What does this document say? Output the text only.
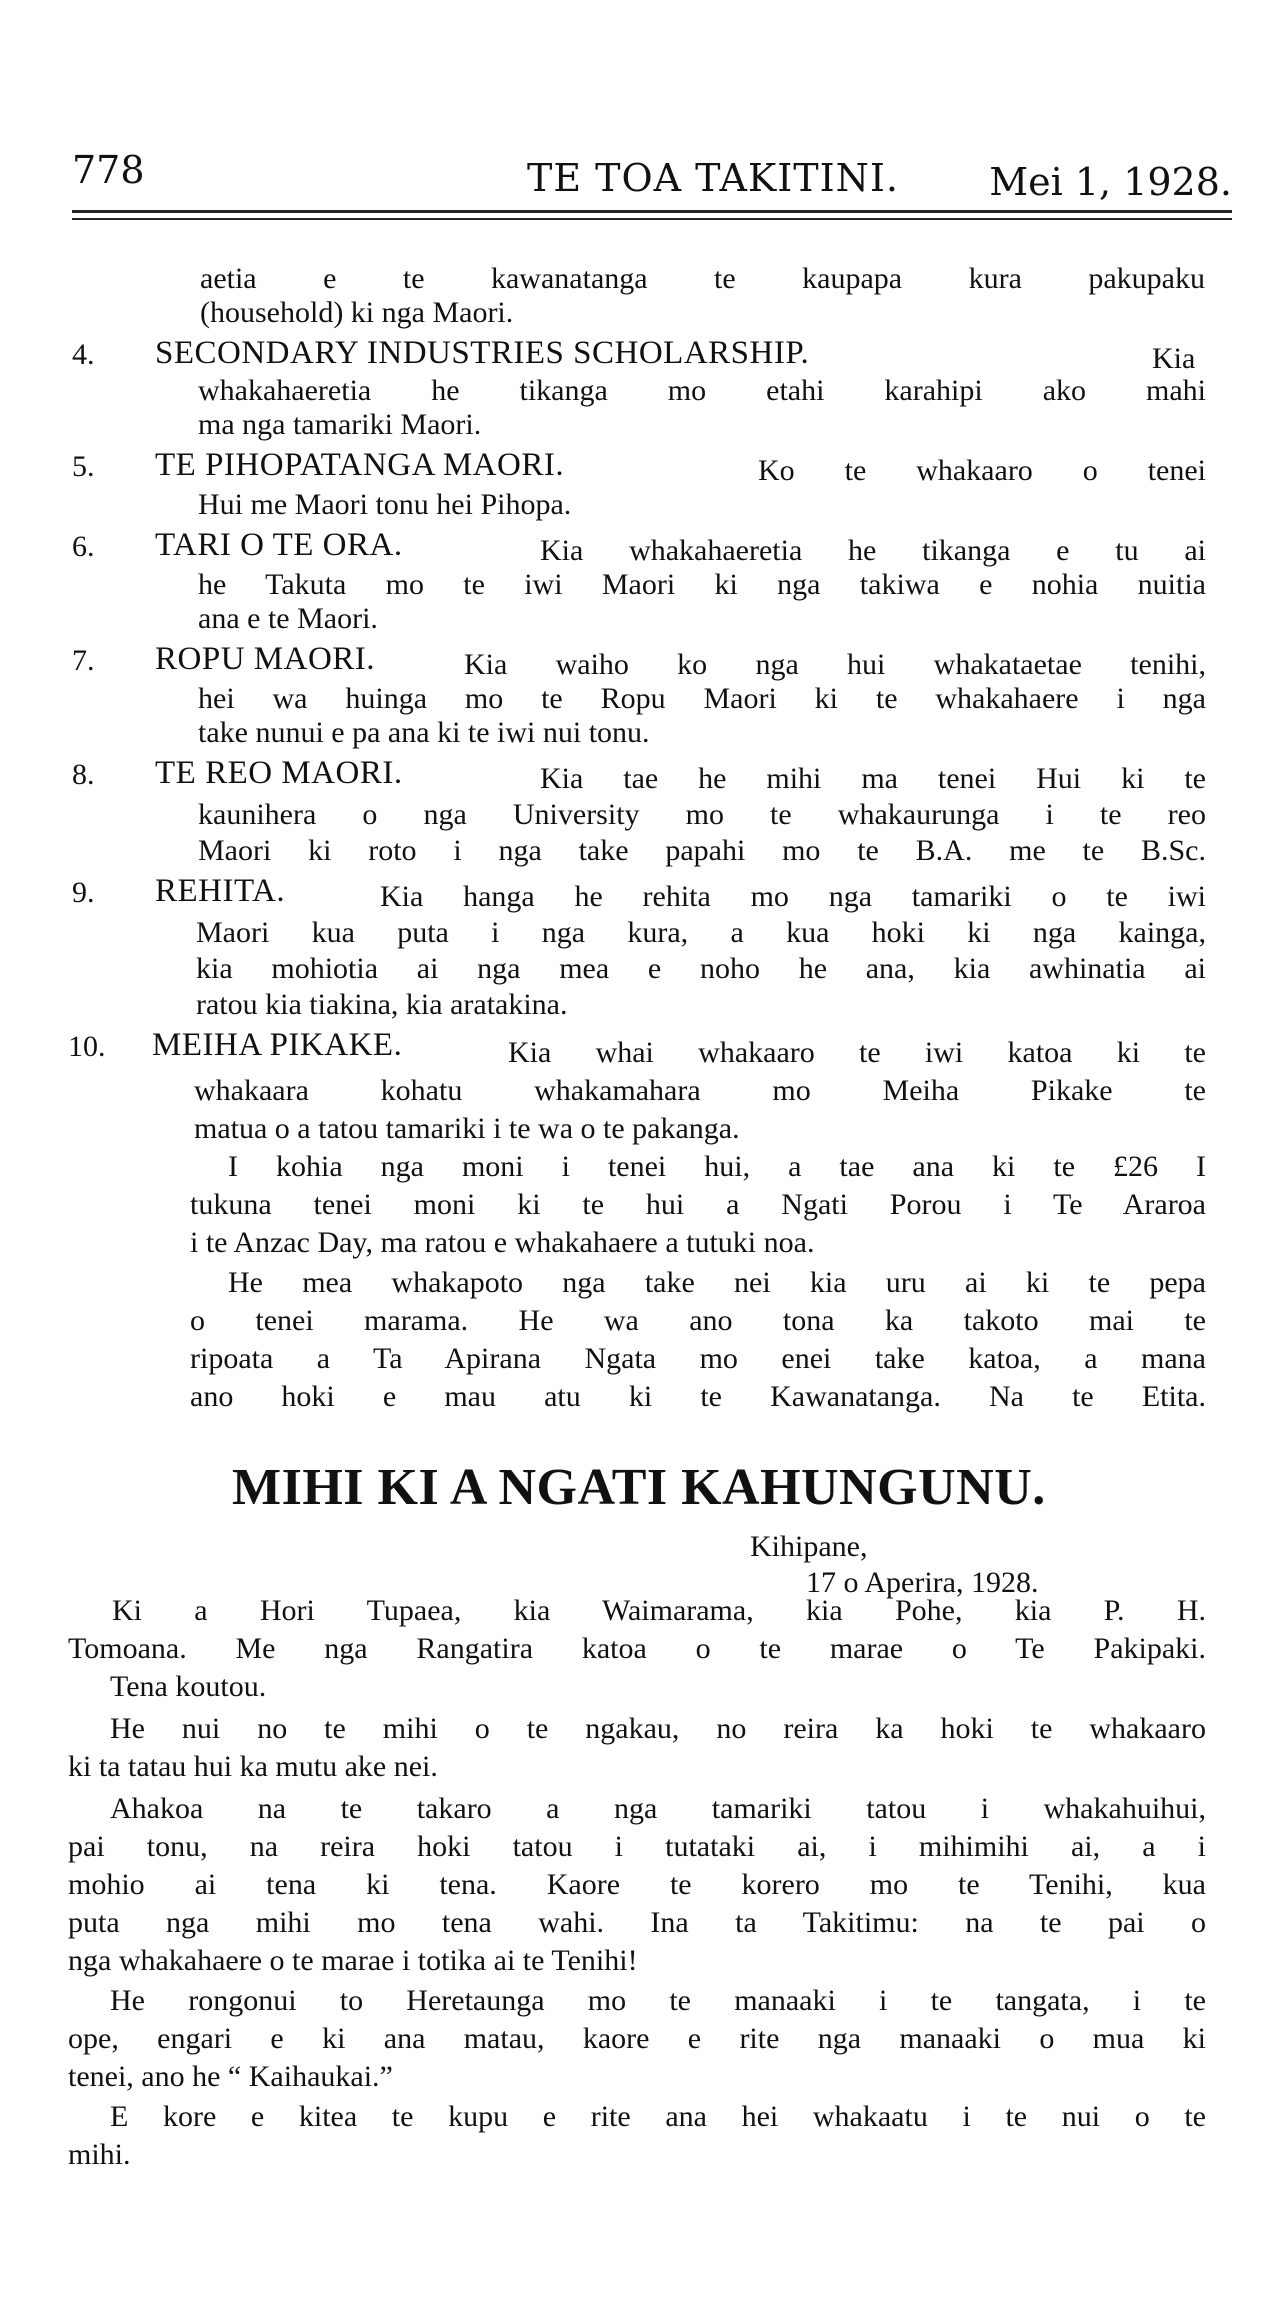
778	TE TOA TAKITINI. Mei 1, 1928.
aetia e te kawanatanga te kaupapa kura pakupaku
(household) ki nga Maori.
4. SECONDARY INDUSTRIES SCHOLARSHIP.	Kia
whakahaeretia he tikanga mo etahi karahipi ako mahi
ma nga tamariki Maori.
5. TE PIHOPATANGA MAORI.	Ko te whakaaro o tenei
Hui me Maori tonu hei Pihopa.
6. TARI O TE ORA.	Kia whakahaeretia he tikanga e tu ai
he Takuta mo te iwi Maori ki nga takiwa e nohia nuitia
ana e te Maori.
7. ROPU MAORI.	Kia waiho ko nga hui whakataetae tenihi,
hei wa huinga mo te Ropu Maori ki te whakahaere i nga
take nunui e pa ana ki te iwi nui tonu.
8. TE REO MAORI.	Kia tae he mihi ma tenei Hui ki te
kaunihera o nga University mo te whakaurunga i te reo
Maori ki roto i nga take papahi mo te B.A. me te B.Sc.
9. REHITA.	Kia hanga he rehita mo nga tamariki o te iwi
Maori kua puta i nga kura, a kua hoki ki nga kainga,
kia mohiotia ai nga mea e noho he ana, kia awhinatia ai
ratou kia tiakina, kia aratakina.
10. MEIHA PIKAKE.	Kia whai whakaaro te iwi katoa ki te
whakaara kohatu whakamahara mo Meiha Pikake te
matua o a tatou tamariki i te wa o te pakanga.
I kohia nga moni i tenei hui, a tae ana ki te £26 I
tukuna tenei moni ki te hui a Ngati Porou i Te Araroa
i te Anzac Day, ma ratou e whakahaere a tutuki noa.
He mea whakapoto nga take nei kia uru ai ki te pepa
o tenei marama. He wa ano tona ka takoto mai te
ripoata a Ta Apirana Ngata mo enei take katoa, a mana
ano hoki e mau atu ki te Kawanatanga. Na te Etita.
MIHI KI A NGATI KAHUNGUNU.
Kihipane,
17 o Aperira, 1928.
Ki a Hori Tupaea, kia Waimarama, kia Pohe, kia P. H.
Tomoana. Me nga Rangatira katoa o te marae o Te Pakipaki.
Tena koutou.
He nui no te mihi o te ngakau, no reira ka hoki te whakaaro
ki ta tatau hui ka mutu ake nei.
Ahakoa na te takaro a nga tamariki tatou i whakahuihui,
pai tonu, na reira hoki tatou i tutataki ai, i mihimihi ai, a i
mohio ai tena ki tena. Kaore te korero mo te Tenihi, kua
puta nga mihi mo tena wahi. Ina ta Takitimu: na te pai o
nga whakahaere o te marae i totika ai te Tenihi!
He rongonui to Heretaunga mo te manaaki i te tangata, i te
ope, engari e ki ana matau, kaore e rite nga manaaki o mua ki
tenei, ano he “ Kaihaukai.”
E kore e kitea te kupu e rite ana hei whakaatu i te nui o te
mihi.
